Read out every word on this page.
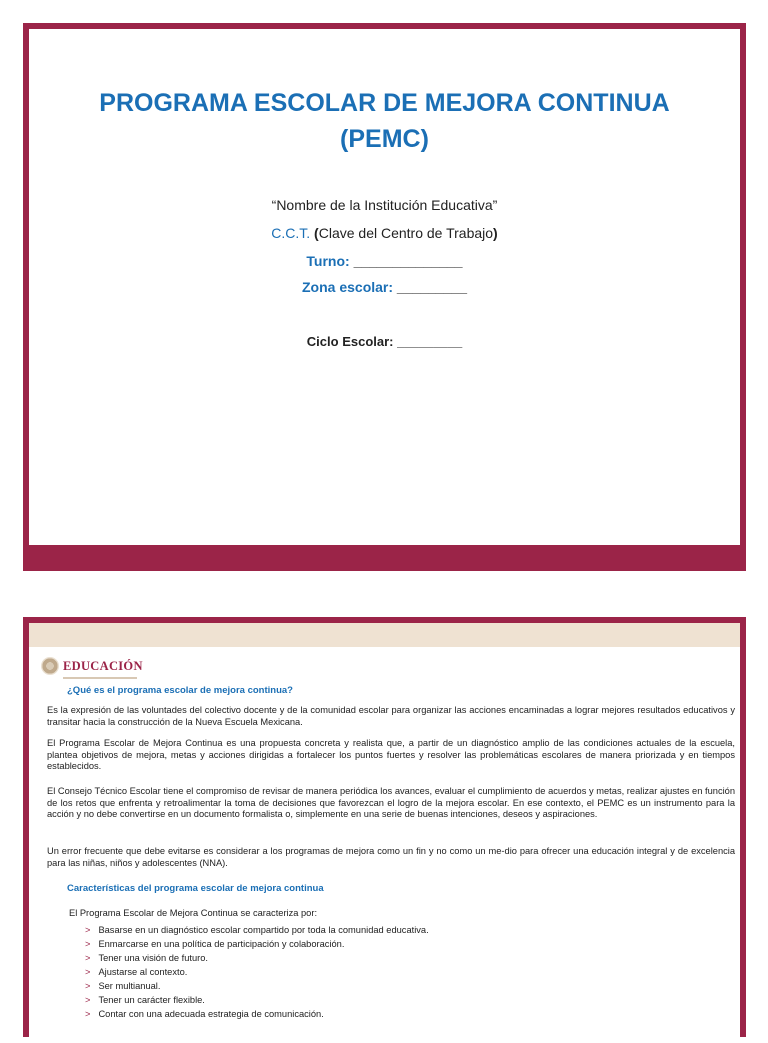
PROGRAMA ESCOLAR DE MEJORA CONTINUA
(PEMC)
“Nombre de la Institución Educativa”
C.C.T. (Clave del Centro de Trabajo)
Turno: ______________
Zona escolar: _________
Ciclo Escolar: _________
EDUCACIÓN
¿Qué es el programa escolar de mejora continua?
Es la expresión de las voluntades del colectivo docente y de la comunidad escolar para organizar las acciones encaminadas a lograr mejores resultados educativos y transitar hacia la construcción de la Nueva Escuela Mexicana.
El Programa Escolar de Mejora Continua es una propuesta concreta y realista que, a partir de un diagnóstico amplio de las condiciones actuales de la escuela, plantea objetivos de mejora, metas y acciones dirigidas a fortalecer los puntos fuertes y resolver las problemáticas escolares de manera priorizada y en tiempos establecidos.
El Consejo Técnico Escolar tiene el compromiso de revisar de manera periódica los avances, evaluar el cumplimiento de acuerdos y metas, realizar ajustes en función de los retos que enfrenta y retroalimentar la toma de decisiones que favorezcan el logro de la mejora escolar. En ese contexto, el PEMC es un instrumento para la acción y no debe convertirse en un documento formalista o, simplemente en una serie de buenas intenciones, deseos y aspiraciones.
Un error frecuente que debe evitarse es considerar a los programas de mejora como un fin y no como un me-dio para ofrecer una educación integral y de excelencia para las niñas, niños y adolescentes (NNA).
Características del programa escolar de mejora continua
El Programa Escolar de Mejora Continua se caracteriza por:
> Basarse en un diagnóstico escolar compartido por toda la comunidad educativa.
> Enmarcarse en una política de participación y colaboración.
> Tener una visión de futuro.
> Ajustarse al contexto.
> Ser multianual.
> Tener un carácter flexible.
> Contar con una adecuada estrategia de comunicación.
